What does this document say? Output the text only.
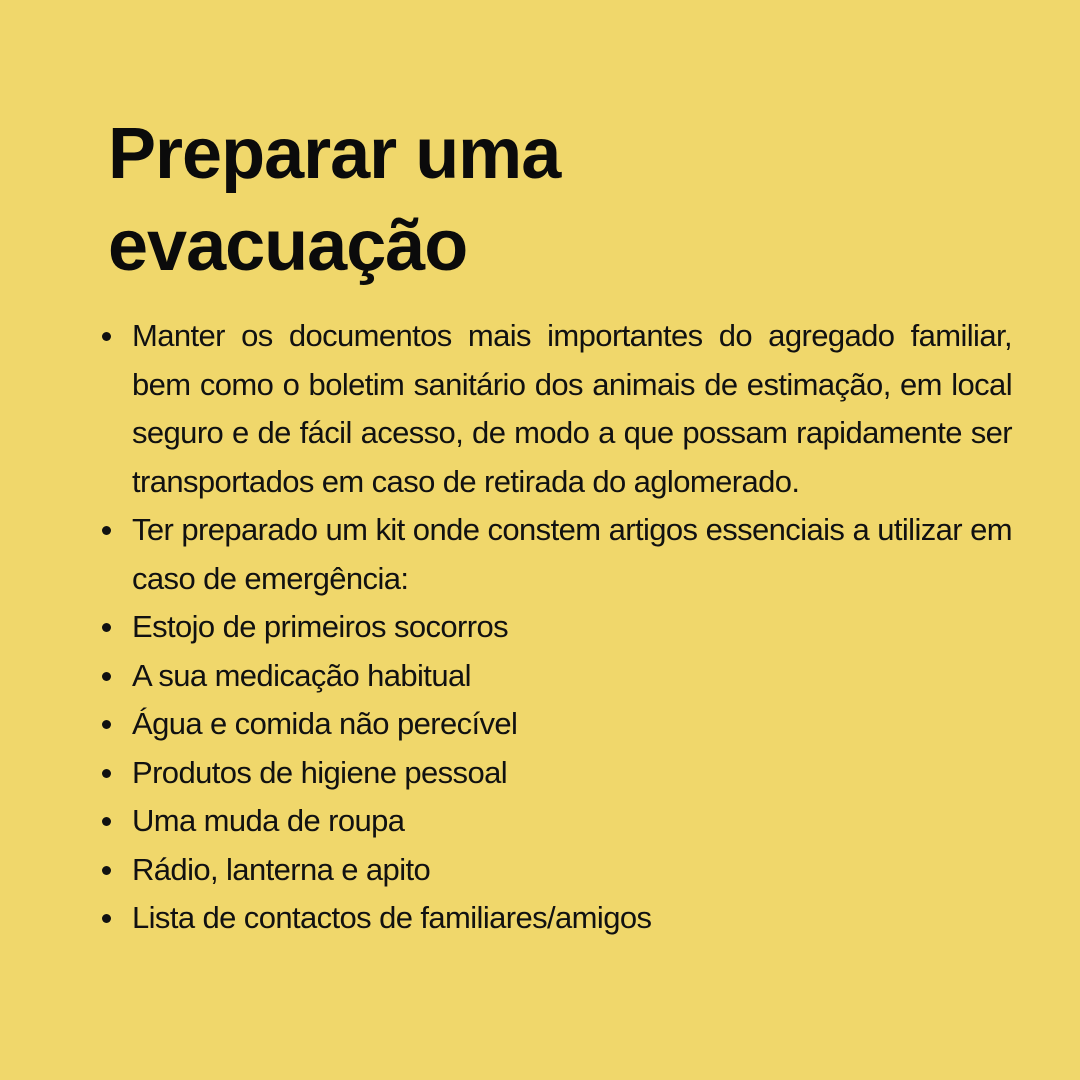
Preparar uma evacuação
Manter os documentos mais importantes do agregado familiar, bem como o boletim sanitário dos animais de estimação, em local seguro e de fácil acesso, de modo a que possam rapidamente ser transportados em caso de retirada do aglomerado.
Ter preparado um kit onde constem artigos essenciais a utilizar em caso de emergência:
Estojo de primeiros socorros
A sua medicação habitual
Água e comida não perecível
Produtos de higiene pessoal
Uma muda de roupa
Rádio, lanterna e apito
Lista de contactos de familiares/amigos
